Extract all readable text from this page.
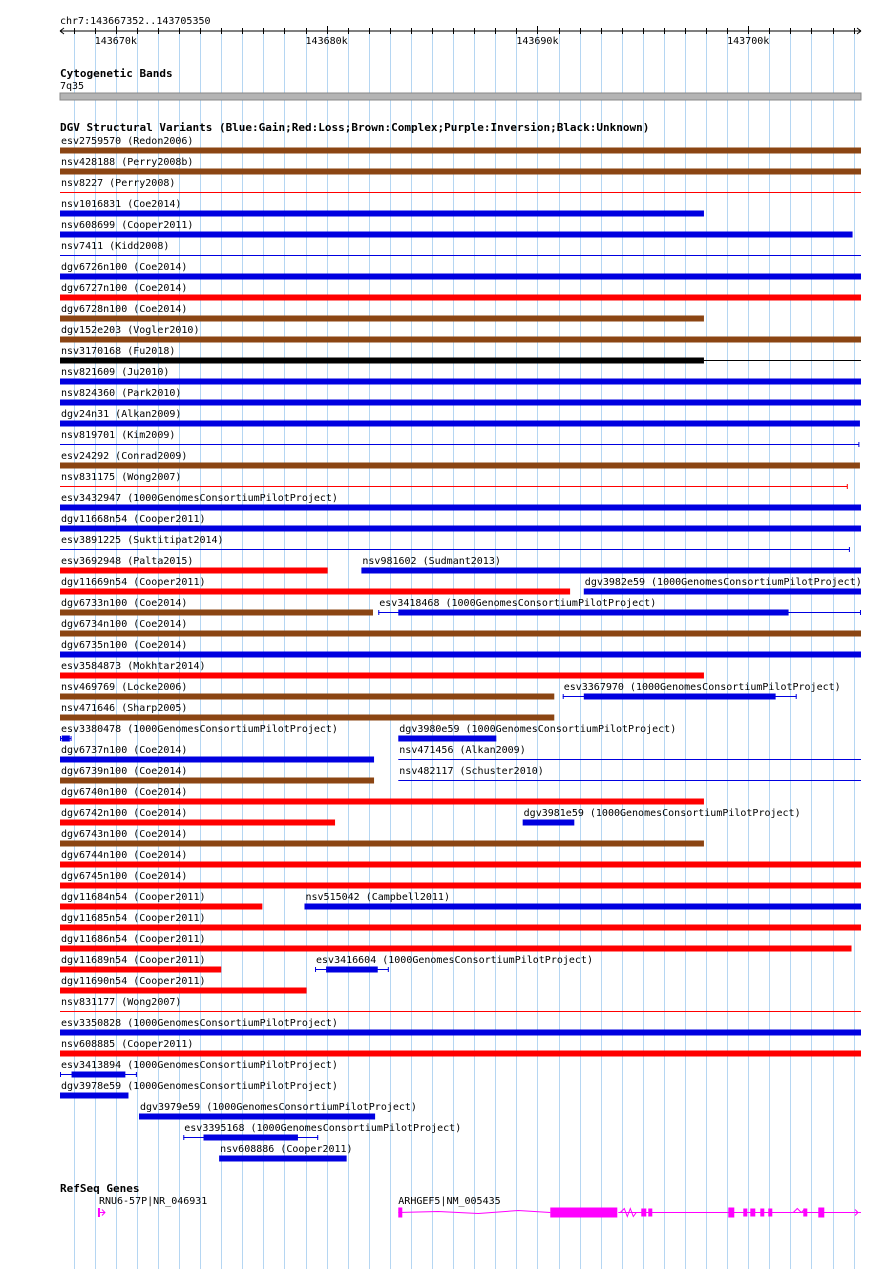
chr7:143667352..143705350
143670k	143680k	143690k	143700k
Cytogenetic Bands
7q35
DGV Structural Variants (Blue:Gain;Red:Loss;Brown:Complex;Purple:Inversion;Black:Unknown)
esv2759570 (Redon2006)
nsv428188 (Perry2008b)
nsv8227 (Perry2008)
nsv1016831 (Coe2014)
nsv608699 (Cooper2011)
nsv7411 (Kidd2008)
dgv6726n100 (Coe2014)
dgv6727n100 (Coe2014)
dgv6728n100 (Coe2014)
dgv152e203 (Vogler2010)
nsv3170168 (Fu2018)
nsv821609 (Ju2010)
nsv824360 (Park2010)
dgv24n31 (Alkan2009)
nsv819701 (Kim2009)
esv24292 (Conrad2009)
nsv831175 (Wong2007)
esv3432947 (1000GenomesConsortiumPilotProject)
dgv11668n54 (Cooper2011)
esv3891225 (Suktitipat2014)
esv3692948 (Palta2015)	nsv981602 (Sudmant2013)
dgv11669n54 (Cooper2011)	dgv3982e59 (1000GenomesConsortiumPilotProject)
dgv6733n100 (Coe2014)	esv3418468 (1000GenomesConsortiumPilotProject)
dgv6734n100 (Coe2014)
dgv6735n100 (Coe2014)
esv3584873 (Mokhtar2014)
nsv469769 (Locke2006)	esv3367970 (1000GenomesConsortiumPilotProject)
nsv471646 (Sharp2005)
esv3380478 (1000GenomesConsortiumPilotProject)	dgv3980e59 (1000GenomesConsortiumPilotProject)
dgv6737n100 (Coe2014)	nsv471456 (Alkan2009)
dgv6739n100 (Coe2014)	nsv482117 (Schuster2010)
dgv6740n100 (Coe2014)
dgv6742n100 (Coe2014)	dgv3981e59 (1000GenomesConsortiumPilotProject)
dgv6743n100 (Coe2014)
dgv6744n100 (Coe2014)
dgv6745n100 (Coe2014)
dgv11684n54 (Cooper2011)	nsv515042 (Campbell2011)
dgv11685n54 (Cooper2011)
dgv11686n54 (Cooper2011)
dgv11689n54 (Cooper2011)	esv3416604 (1000GenomesConsortiumPilotProject)
dgv11690n54 (Cooper2011)
nsv831177 (Wong2007)
esv3350828 (1000GenomesConsortiumPilotProject)
nsv608885 (Cooper2011)
esv3413894 (1000GenomesConsortiumPilotProject)
dgv3978e59 (1000GenomesConsortiumPilotProject)
dgv3979e59 (1000GenomesConsortiumPilotProject)
esv3395168 (1000GenomesConsortiumPilotProject)
nsv608886 (Cooper2011)
RefSeq Genes
RNU6-57P|NR_046931	ARHGEF5|NM_005435
